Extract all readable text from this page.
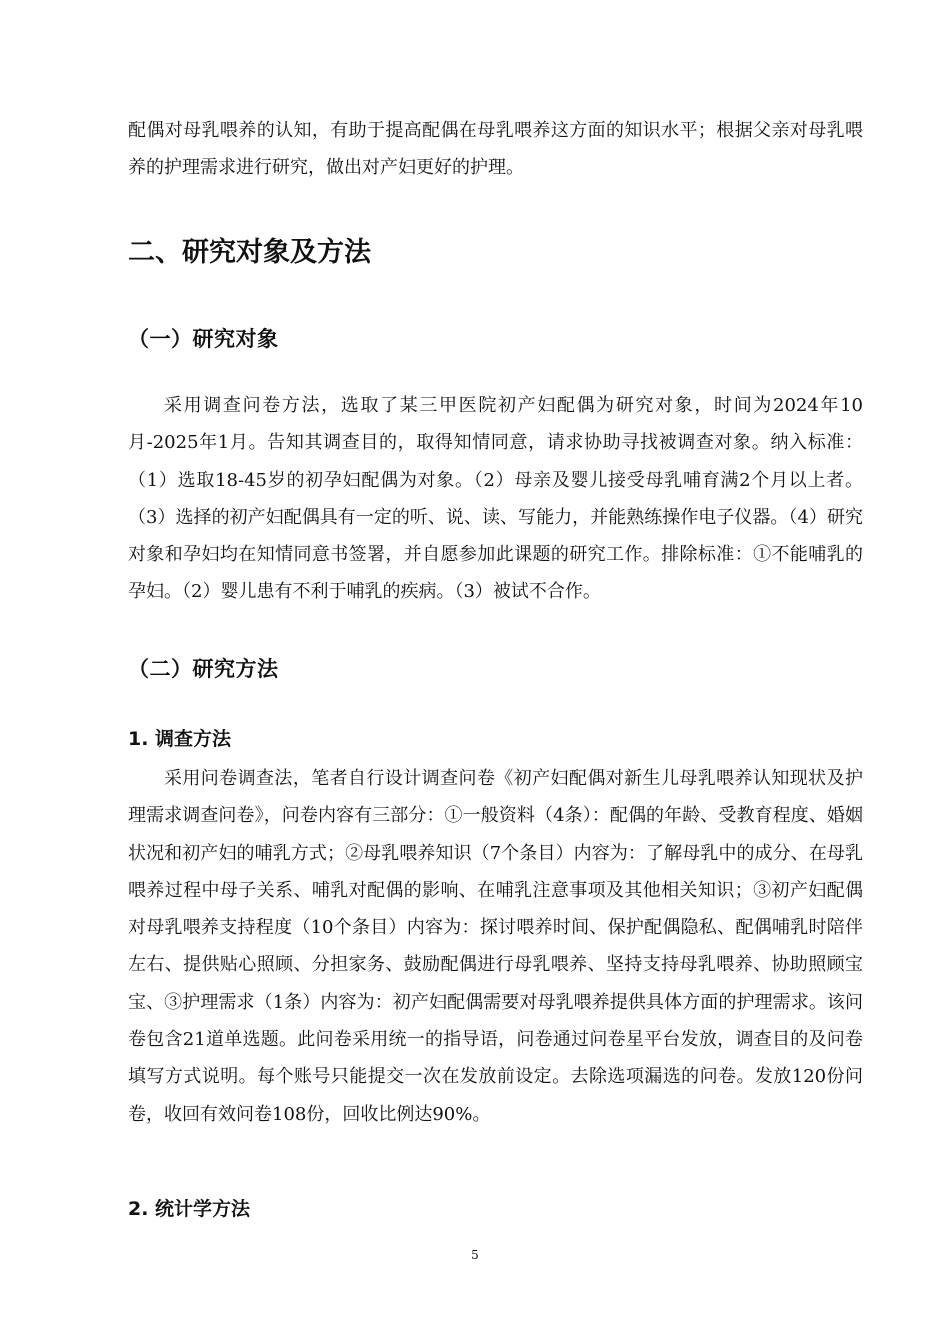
配偶对母乳喂养的认知，有助于提高配偶在母乳喂养这方面的知识水平；根据父亲对母乳喂养的护理需求进行研究，做出对产妇更好的护理。

二、研究对象及方法
（一）研究对象

采用调查问卷方法，选取了某三甲医院初产妇配偶为研究对象，时间为2024年10月-2025年1月。告知其调查目的，取得知情同意，请求协助寻找被调查对象。纳入标准：（1）选取18-45岁的初孕妇配偶为对象。（2）母亲及婴儿接受母乳哺育满2个月以上者。（3）选择的初产妇配偶具有一定的听、说、读、写能力，并能熟练操作电子仪器。（4）研究对象和孕妇均在知情同意书签署，并自愿参加此课题的研究工作。排除标准：①不能哺乳的孕妇。（2）婴儿患有不利于哺乳的疾病。（3）被试不合作。

（二）研究方法
1. 调查方法

采用问卷调查法，笔者自行设计调查问卷《初产妇配偶对新生儿母乳喂养认知现状及护理需求调查问卷》，问卷内容有三部分：①一般资料（4条）：配偶的年龄、受教育程度、婚姻状况和初产妇的哺乳方式；②母乳喂养知识（7个条目）内容为：了解母乳中的成分、在母乳喂养过程中母子关系、哺乳对配偶的影响、在哺乳注意事项及其他相关知识；③初产妇配偶对母乳喂养支持程度（10个条目）内容为：探讨喂养时间、保护配偶隐私、配偶哺乳时陪伴左右、提供贴心照顾、分担家务、鼓励配偶进行母乳喂养、坚持支持母乳喂养、协助照顾宝宝、③护理需求（1条）内容为：初产妇配偶需要对母乳喂养提供具体方面的护理需求。该问卷包含21道单选题。此问卷采用统一的指导语，问卷通过问卷星平台发放，调查目的及问卷填写方式说明。每个账号只能提交一次在发放前设定。去除选项漏选的问卷。发放120份问卷，收回有效问卷108份，回收比例达90%。

2. 统计学方法
5
